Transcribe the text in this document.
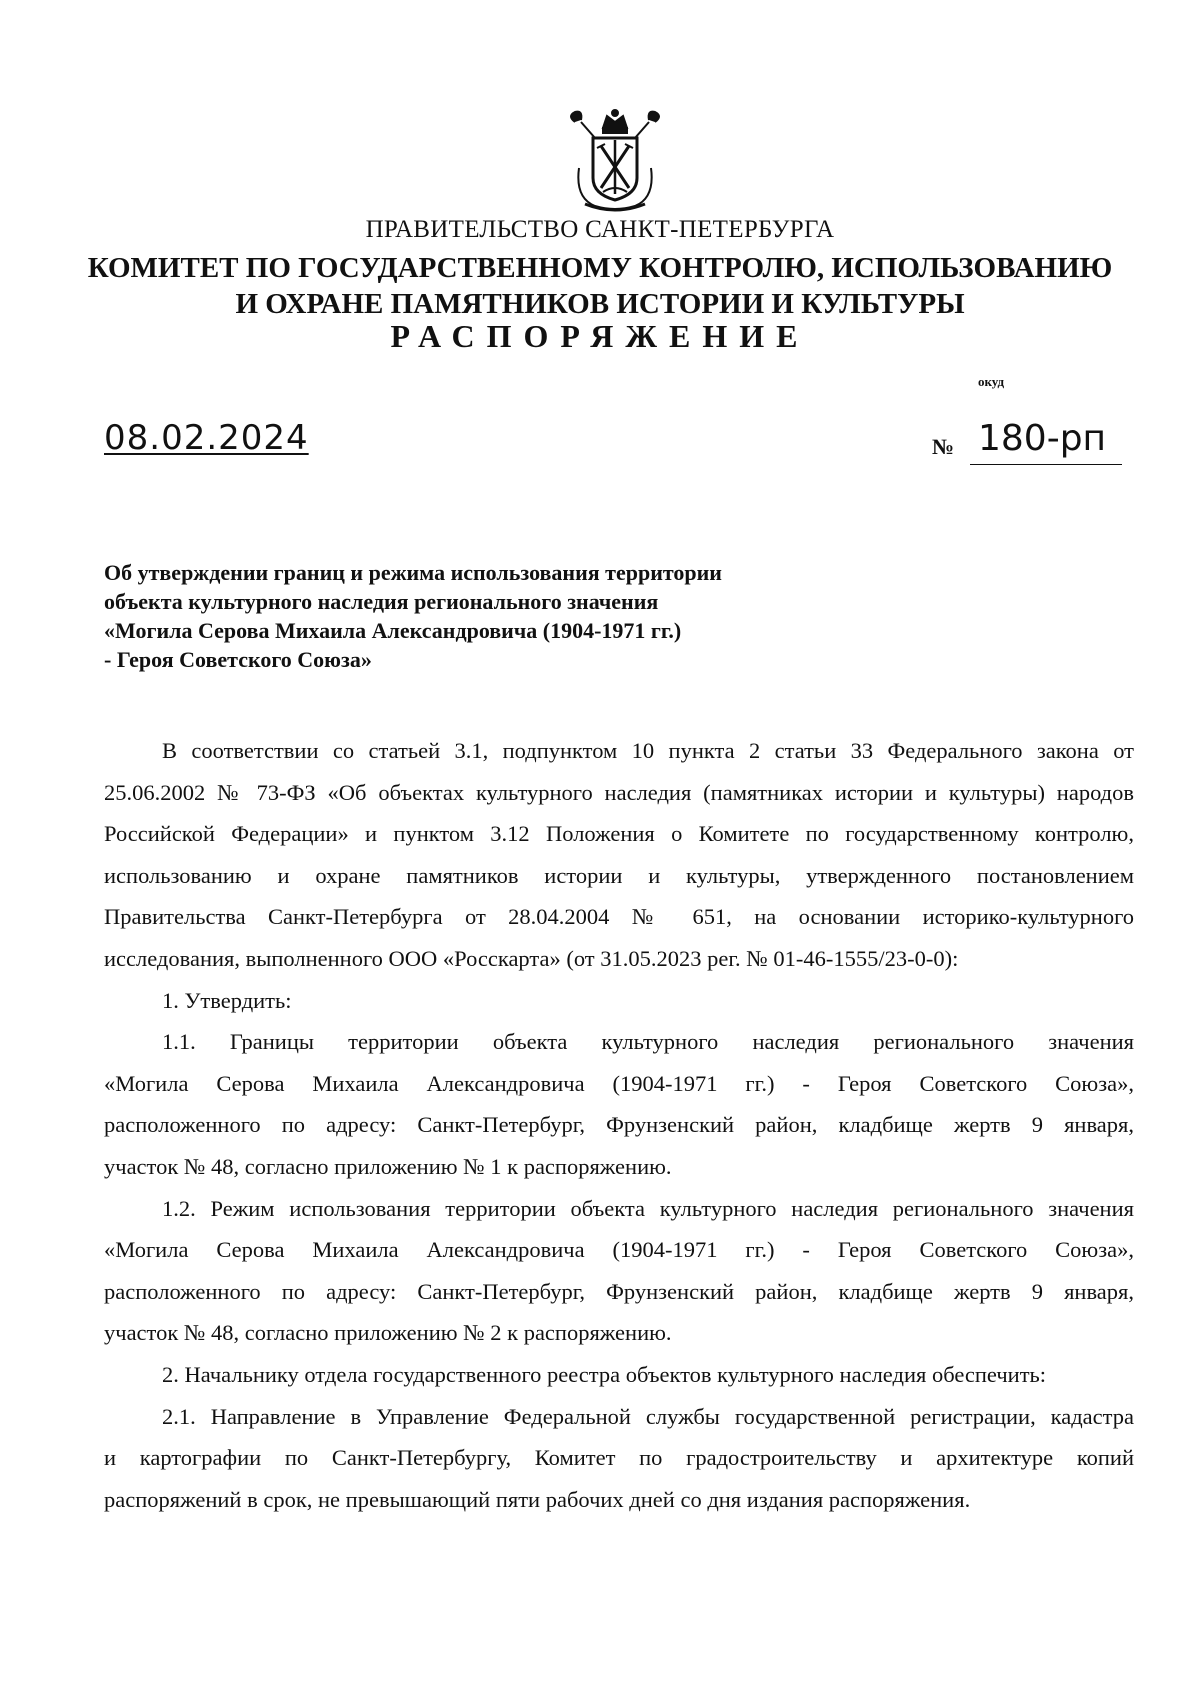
ПРАВИТЕЛЬСТВО САНКТ-ПЕТЕРБУРГА
КОМИТЕТ ПО ГОСУДАРСТВЕННОМУ КОНТРОЛЮ, ИСПОЛЬЗОВАНИЮ
И ОХРАНЕ ПАМЯТНИКОВ ИСТОРИИ И КУЛЬТУРЫ
РАСПОРЯЖЕНИЕ
окуд
08.02.2024	№ 180-рп
Об утверждении границ и режима использования территории
объекта культурного наследия регионального значения
«Могила Серова Михаила Александровича (1904-1971 гг.)
- Героя Советского Союза»
В соответствии со статьей 3.1, подпунктом 10 пункта 2 статьи 33 Федерального закона от
25.06.2002 № 73-ФЗ «Об объектах культурного наследия (памятниках истории и культуры) народов
Российской Федерации» и пунктом 3.12 Положения о Комитете по государственному контролю,
использованию и охране памятников истории и культуры, утвержденного постановлением
Правительства Санкт-Петербурга от 28.04.2004 № 651, на основании историко-культурного
исследования, выполненного ООО «Росскарта» (от 31.05.2023 рег. № 01-46-1555/23-0-0):
1. Утвердить:
1.1. Границы территории объекта культурного наследия регионального значения
«Могила Серова Михаила Александровича (1904-1971 гг.) - Героя Советского Союза»,
расположенного по адресу: Санкт-Петербург, Фрунзенский район, кладбище жертв 9 января,
участок № 48, согласно приложению № 1 к распоряжению.
1.2. Режим использования территории объекта культурного наследия регионального значения
«Могила Серова Михаила Александровича (1904-1971 гг.) - Героя Советского Союза»,
расположенного по адресу: Санкт-Петербург, Фрунзенский район, кладбище жертв 9 января,
участок № 48, согласно приложению № 2 к распоряжению.
2. Начальнику отдела государственного реестра объектов культурного наследия обеспечить:
2.1. Направление в Управление Федеральной службы государственной регистрации, кадастра
и картографии по Санкт-Петербургу, Комитет по градостроительству и архитектуре копий
распоряжений в срок, не превышающий пяти рабочих дней со дня издания распоряжения.
